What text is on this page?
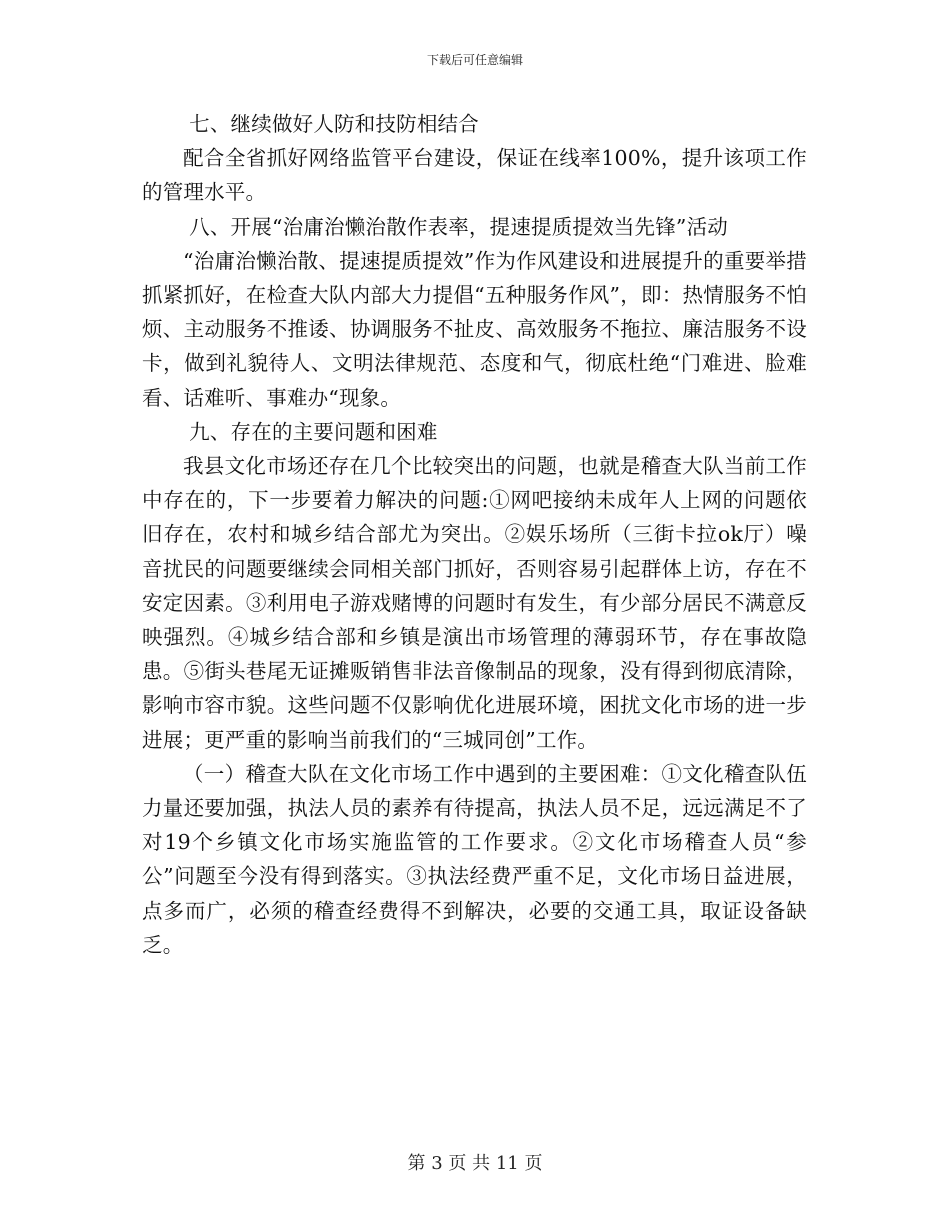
下载后可任意编辑

七、继续做好人防和技防相结合

配合全省抓好网络监管平台建设，保证在线率100%，提升该项工作的管理水平。

八、开展“治庸治懒治散作表率，提速提质提效当先锋”活动

“治庸治懒治散、提速提质提效”作为作风建设和进展提升的重要举措抓紧抓好，在检查大队内部大力提倡“五种服务作风”，即：热情服务不怕烦、主动服务不推诿、协调服务不扯皮、高效服务不拖拉、廉洁服务不设卡，做到礼貌待人、文明法律规范、态度和气，彻底杜绝“门难进、脸难看、话难听、事难办“现象。

九、存在的主要问题和困难

我县文化市场还存在几个比较突出的问题，也就是稽查大队当前工作中存在的，下一步要着力解决的问题:①网吧接纳未成年人上网的问题依旧存在，农村和城乡结合部尤为突出。②娱乐场所（三街卡拉ok厅）噪音扰民的问题要继续会同相关部门抓好，否则容易引起群体上访，存在不安定因素。③利用电子游戏赌博的问题时有发生，有少部分居民不满意反映强烈。④城乡结合部和乡镇是演出市场管理的薄弱环节，存在事故隐患。⑤街头巷尾无证摊贩销售非法音像制品的现象，没有得到彻底清除，影响市容市貌。这些问题不仅影响优化进展环境，困扰文化市场的进一步进展；更严重的影响当前我们的“三城同创”工作。

（一）稽查大队在文化市场工作中遇到的主要困难：①文化稽查队伍力量还要加强，执法人员的素养有待提高，执法人员不足，远远满足不了对19个乡镇文化市场实施监管的工作要求。②文化市场稽查人员“参公”问题至今没有得到落实。③执法经费严重不足，文化市场日益进展，点多而广，必须的稽查经费得不到解决，必要的交通工具，取证设备缺乏。

第 3 页 共 11 页
